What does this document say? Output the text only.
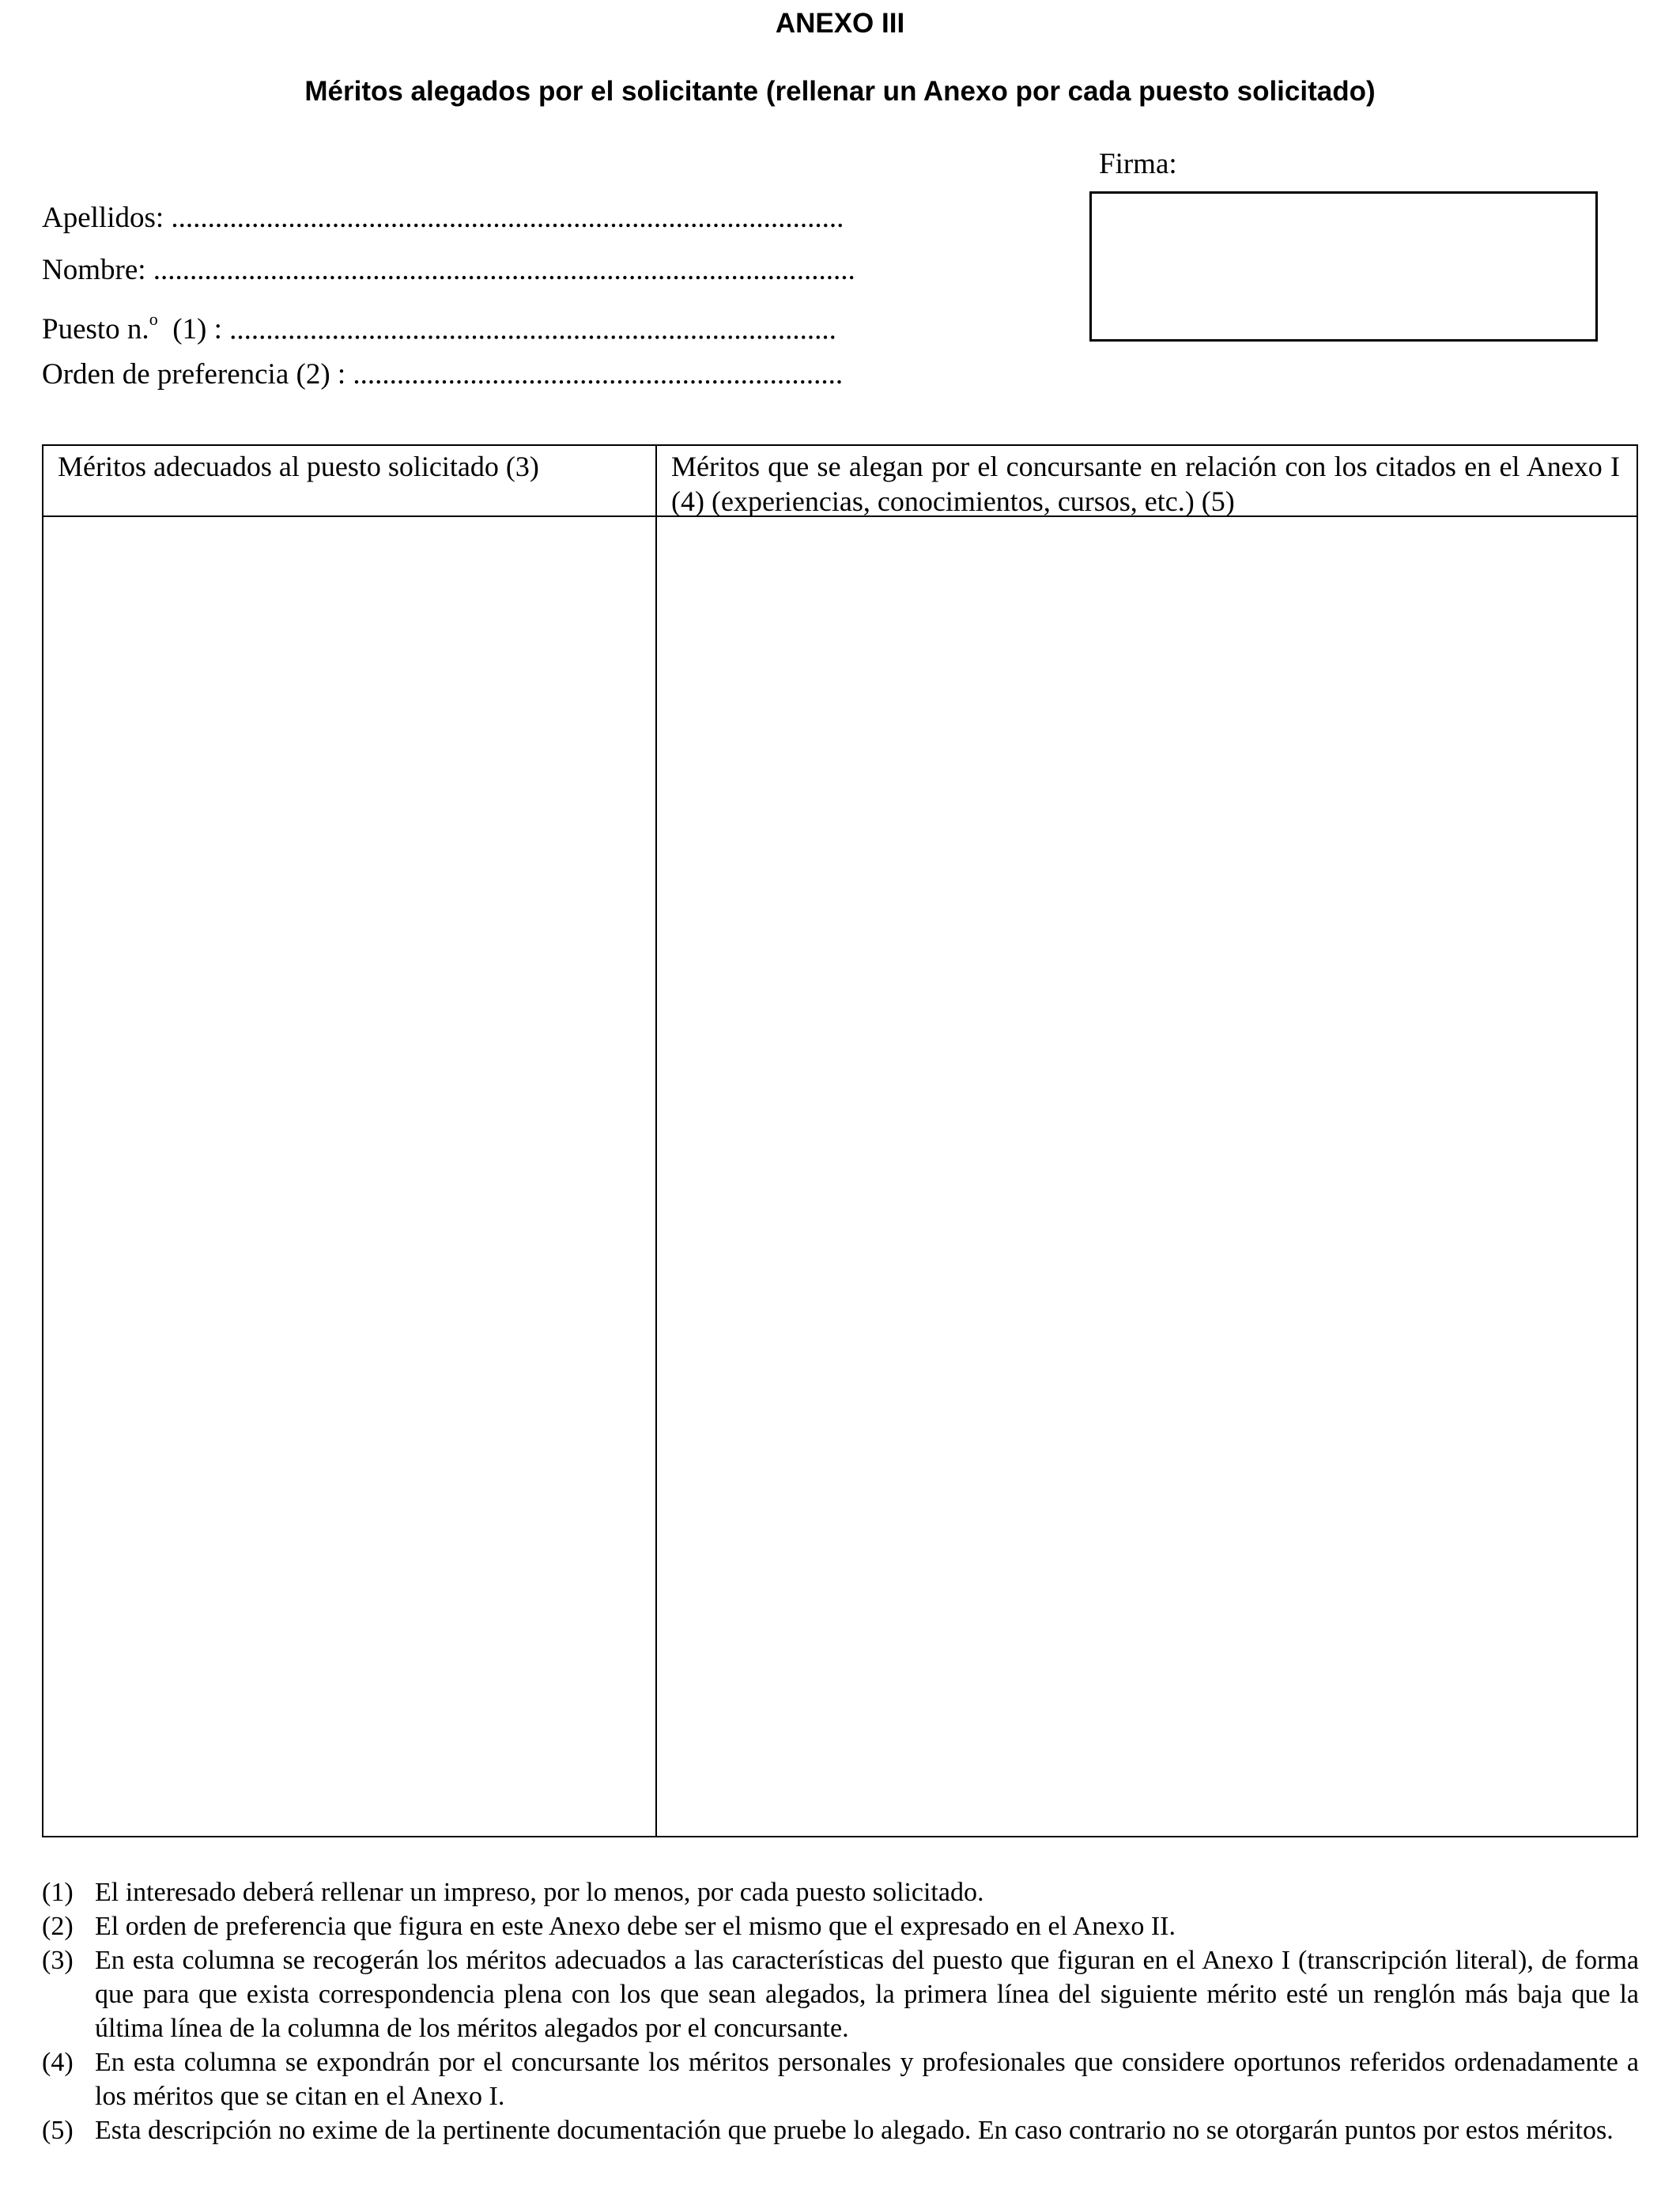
ANEXO III
Méritos alegados por el solicitante (rellenar un Anexo por cada puesto solicitado)
Apellidos: ............................................................................................
Nombre: ................................................................................................
Puesto n.$^o$ (1) : ...................................................................................
Orden de preferencia (2) : ...................................................................
Firma:
Méritos adecuados al puesto solicitado (3)	Méritos que se alegan por el concursante en relación con los citados en el Anexo I (4) (experiencias, conocimientos, cursos, etc.) (5)
(1) El interesado deberá rellenar un impreso, por lo menos, por cada puesto solicitado.
(2) El orden de preferencia que figura en este Anexo debe ser el mismo que el expresado en el Anexo II.
(3) En esta columna se recogerán los méritos adecuados a las características del puesto que figuran en el Anexo I (transcripción literal), de forma que para que exista correspondencia plena con los que sean alegados, la primera línea del siguiente mérito esté un renglón más baja que la última línea de la columna de los méritos alegados por el concursante.
(4) En esta columna se expondrán por el concursante los méritos personales y profesionales que considere oportunos referidos ordenadamente a los méritos que se citan en el Anexo I.
(5) Esta descripción no exime de la pertinente documentación que pruebe lo alegado. En caso contrario no se otorgarán puntos por estos méritos.
